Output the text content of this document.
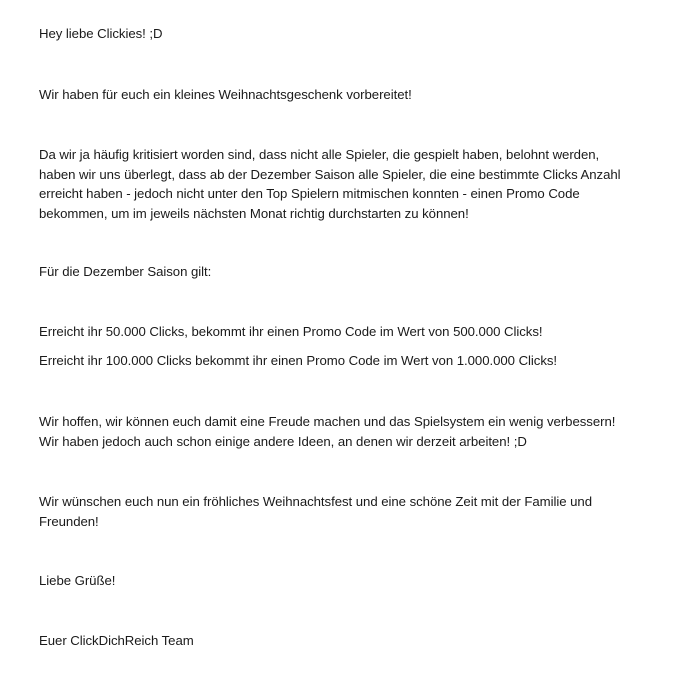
Hey liebe Clickies! ;D

Wir haben für euch ein kleines Weihnachtsgeschenk vorbereitet!

Da wir ja häufig kritisiert worden sind, dass nicht alle Spieler, die gespielt haben, belohnt werden,
haben wir uns überlegt, dass ab der Dezember Saison alle Spieler, die eine bestimmte Clicks Anzahl
erreicht haben - jedoch nicht unter den Top Spielern mitmischen konnten - einen Promo Code
bekommen, um im jeweils nächsten Monat richtig durchstarten zu können!

Für die Dezember Saison gilt:

Erreicht ihr 50.000 Clicks, bekommt ihr einen Promo Code im Wert von 500.000 Clicks!

Erreicht ihr 100.000 Clicks bekommt ihr einen Promo Code im Wert von 1.000.000 Clicks!

Wir hoffen, wir können euch damit eine Freude machen und das Spielsystem ein wenig verbessern!
Wir haben jedoch auch schon einige andere Ideen, an denen wir derzeit arbeiten! ;D

Wir wünschen euch nun ein fröhliches Weihnachtsfest und eine schöne Zeit mit der Familie und
Freunden!

Liebe Grüße!

Euer ClickDichReich Team
